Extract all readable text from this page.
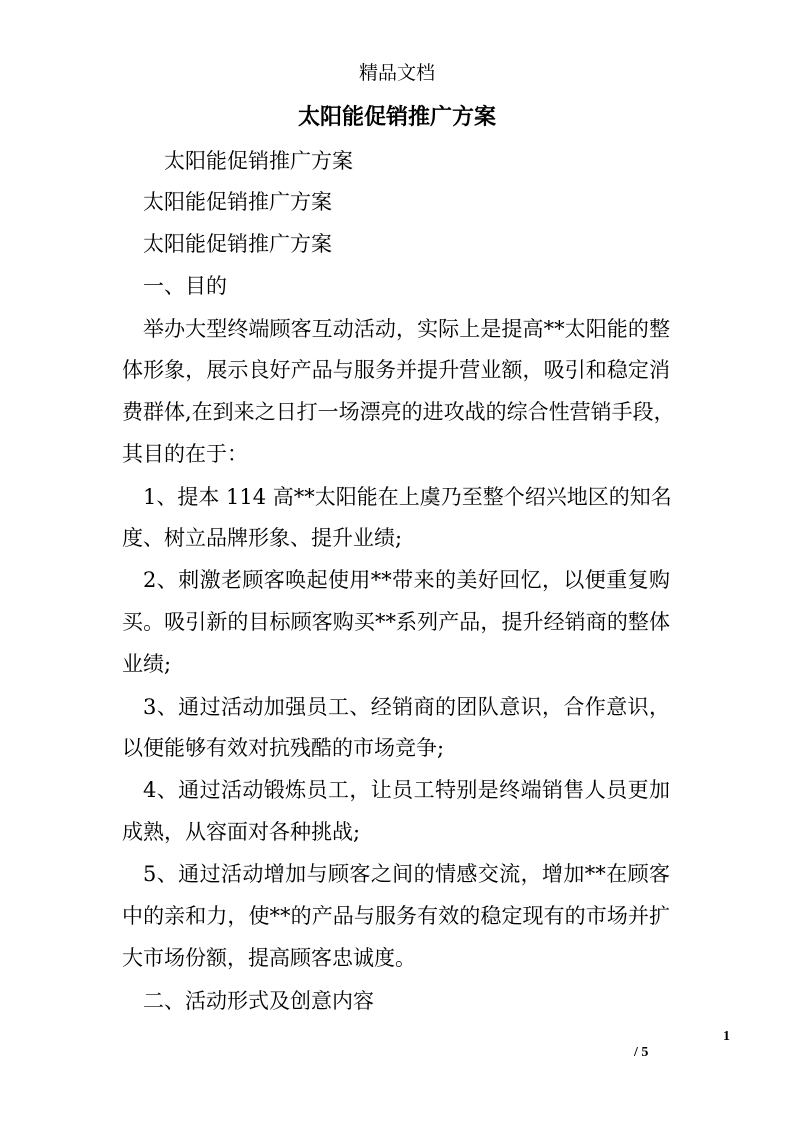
精品文档
太阳能促销推广方案
太阳能促销推广方案
太阳能促销推广方案
太阳能促销推广方案
一、目的
举办大型终端顾客互动活动，实际上是提高**太阳能的整
体形象，展示良好产品与服务并提升营业额，吸引和稳定消
费群体,在到来之日打一场漂亮的进攻战的综合性营销手段，
其目的在于：
1、提本 114 高**太阳能在上虞乃至整个绍兴地区的知名
度、树立品牌形象、提升业绩;
2、刺激老顾客唤起使用**带来的美好回忆，以便重复购
买。吸引新的目标顾客购买**系列产品，提升经销商的整体
业绩;
3、通过活动加强员工、经销商的团队意识，合作意识，
以便能够有效对抗残酷的市场竞争;
4、通过活动锻炼员工，让员工特别是终端销售人员更加
成熟，从容面对各种挑战;
5、通过活动增加与顾客之间的情感交流，增加**在顾客
中的亲和力，使**的产品与服务有效的稳定现有的市场并扩
大市场份额，提高顾客忠诚度。
二、活动形式及创意内容
1
/ 5
